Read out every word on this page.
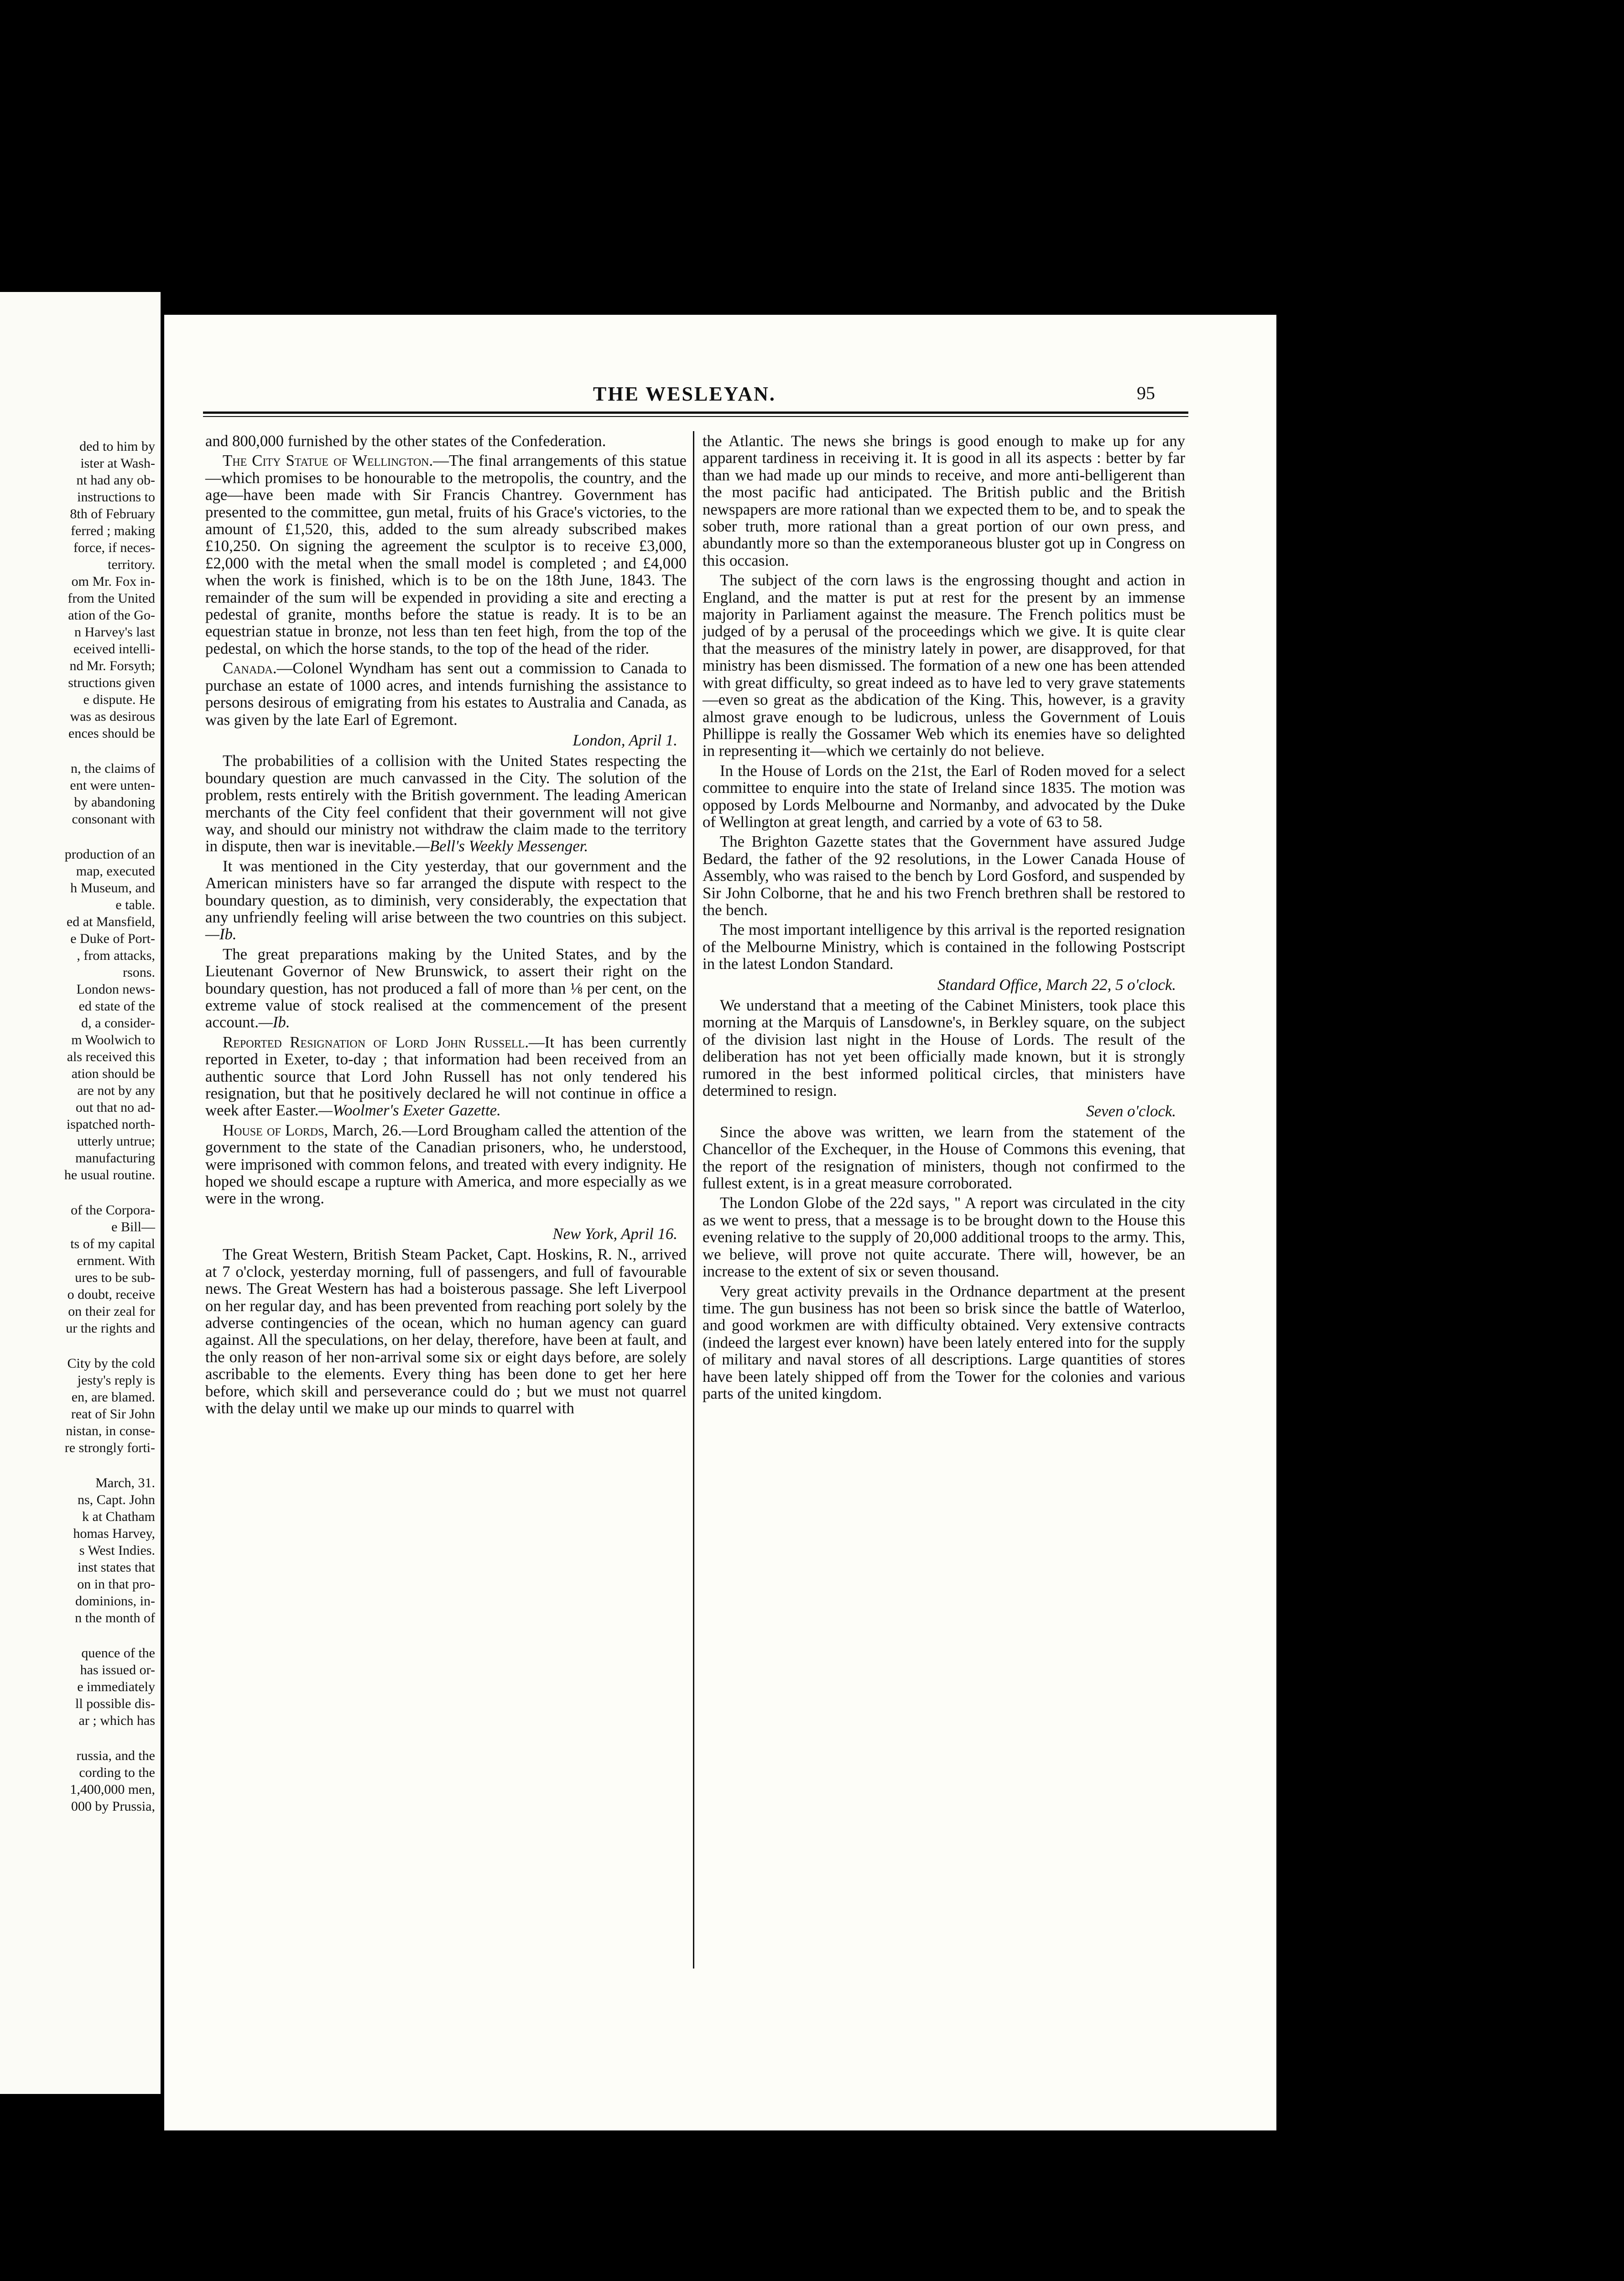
ded to him by
ister at Wash-
nt had any ob-
instructions to
8th of February
ferred ; making
force, if neces-
territory.
om Mr. Fox in-
from the United
ation of the Go-
n Harvey's last
eceived intelli-
nd Mr. Forsyth;
structions given
e dispute. He
was as desirous
ences should be
n, the claims of
ent were unten-
by abandoning
consonant with
production of an
map, executed
h Museum, and
e table.
ed at Mansfield,
e Duke of Port-
, from attacks,
rsons.
London news-
ed state of the
d, a consider-
m Woolwich to
als received this
ation should be
are not by any
out that no ad-
ispatched north-
utterly untrue;
manufacturing
he usual routine.
of the Corpora-
e Bill—
ts of my capital
ernment. With
ures to be sub-
o doubt, receive
on their zeal for
ur the rights and
City by the cold
jesty's reply is
en, are blamed.
reat of Sir John
nistan, in conse-
re strongly forti-
March, 31.
ns, Capt. John
k at Chatham
homas Harvey,
s West Indies.
inst states that
on in that pro-
dominions, in-
n the month of
quence of the
has issued or-
e immediately
ll possible dis-
ar ; which has
russia, and the
cording to the
1,400,000 men,
000 by Prussia,
THE WESLEYAN.	95

and 800,000 furnished by the other states of the Confederation.

The City Statue of Wellington.—The final arrangements of this statue—which promises to be honourable to the metropolis, the country, and the age—have been made with Sir Francis Chantrey. Government has presented to the committee, gun metal, fruits of his Grace's victories, to the amount of £1,520, this, added to the sum already subscribed makes £10,250. On signing the agreement the sculptor is to receive £3,000, £2,000 with the metal when the small model is completed ; and £4,000 when the work is finished, which is to be on the 18th June, 1843. The remainder of the sum will be expended in providing a site and erecting a pedestal of granite, months before the statue is ready. It is to be an equestrian statue in bronze, not less than ten feet high, from the top of the pedestal, on which the horse stands, to the top of the head of the rider.

Canada.—Colonel Wyndham has sent out a commission to Canada to purchase an estate of 1000 acres, and intends furnishing the assistance to persons desirous of emigrating from his estates to Australia and Canada, as was given by the late Earl of Egremont.

London, April 1.

The probabilities of a collision with the United States respecting the boundary question are much canvassed in the City. The solution of the problem, rests entirely with the British government. The leading American merchants of the City feel confident that their government will not give way, and should our ministry not withdraw the claim made to the territory in dispute, then war is inevitable.—Bell's Weekly Messenger.

It was mentioned in the City yesterday, that our government and the American ministers have so far arranged the dispute with respect to the boundary question, as to diminish, very considerably, the expectation that any unfriendly feeling will arise between the two countries on this subject.—Ib.

The great preparations making by the United States, and by the Lieutenant Governor of New Brunswick, to assert their right on the boundary question, has not produced a fall of more than ⅛ per cent, on the extreme value of stock realised at the commencement of the present account.—Ib.

Reported Resignation of Lord John Russell.—It has been currently reported in Exeter, to-day ; that information had been received from an authentic source that Lord John Russell has not only tendered his resignation, but that he positively declared he will not continue in office a week after Easter.—Woolmer's Exeter Gazette.

House of Lords, March, 26.—Lord Brougham called the attention of the government to the state of the Canadian prisoners, who, he understood, were imprisoned with common felons, and treated with every indignity. He hoped we should escape a rupture with America, and more especially as we were in the wrong.

New York, April 16.

The Great Western, British Steam Packet, Capt. Hoskins, R. N., arrived at 7 o'clock, yesterday morning, full of passengers, and full of favourable news. The Great Western has had a boisterous passage. She left Liverpool on her regular day, and has been prevented from reaching port solely by the adverse contingencies of the ocean, which no human agency can guard against. All the speculations, on her delay, therefore, have been at fault, and the only reason of her non-arrival some six or eight days before, are solely ascribable to the elements. Every thing has been done to get her here before, which skill and perseverance could do ; but we must not quarrel with the delay until we make up our minds to quarrel with

the Atlantic. The news she brings is good enough to make up for any apparent tardiness in receiving it. It is good in all its aspects : better by far than we had made up our minds to receive, and more anti-belligerent than the most pacific had anticipated. The British public and the British newspapers are more rational than we expected them to be, and to speak the sober truth, more rational than a great portion of our own press, and abundantly more so than the extemporaneous bluster got up in Congress on this occasion.

The subject of the corn laws is the engrossing thought and action in England, and the matter is put at rest for the present by an immense majority in Parliament against the measure. The French politics must be judged of by a perusal of the proceedings which we give. It is quite clear that the measures of the ministry lately in power, are disapproved, for that ministry has been dismissed. The formation of a new one has been attended with great difficulty, so great indeed as to have led to very grave statements—even so great as the abdication of the King. This, however, is a gravity almost grave enough to be ludicrous, unless the Government of Louis Phillippe is really the Gossamer Web which its enemies have so delighted in representing it—which we certainly do not believe.

In the House of Lords on the 21st, the Earl of Roden moved for a select committee to enquire into the state of Ireland since 1835. The motion was opposed by Lords Melbourne and Normanby, and advocated by the Duke of Wellington at great length, and carried by a vote of 63 to 58.

The Brighton Gazette states that the Government have assured Judge Bedard, the father of the 92 resolutions, in the Lower Canada House of Assembly, who was raised to the bench by Lord Gosford, and suspended by Sir John Colborne, that he and his two French brethren shall be restored to the bench.

The most important intelligence by this arrival is the reported resignation of the Melbourne Ministry, which is contained in the following Postscript in the latest London Standard.

Standard Office, March 22, 5 o'clock.

We understand that a meeting of the Cabinet Ministers, took place this morning at the Marquis of Lansdowne's, in Berkley square, on the subject of the division last night in the House of Lords. The result of the deliberation has not yet been officially made known, but it is strongly rumored in the best informed political circles, that ministers have determined to resign.

Seven o'clock.

Since the above was written, we learn from the statement of the Chancellor of the Exchequer, in the House of Commons this evening, that the report of the resignation of ministers, though not confirmed to the fullest extent, is in a great measure corroborated.

The London Globe of the 22d says, " A report was circulated in the city as we went to press, that a message is to be brought down to the House this evening relative to the supply of 20,000 additional troops to the army. This, we believe, will prove not quite accurate. There will, however, be an increase to the extent of six or seven thousand.

Very great activity prevails in the Ordnance department at the present time. The gun business has not been so brisk since the battle of Waterloo, and good workmen are with difficulty obtained. Very extensive contracts (indeed the largest ever known) have been lately entered into for the supply of military and naval stores of all descriptions. Large quantities of stores have been lately shipped off from the Tower for the colonies and various parts of the united kingdom.
